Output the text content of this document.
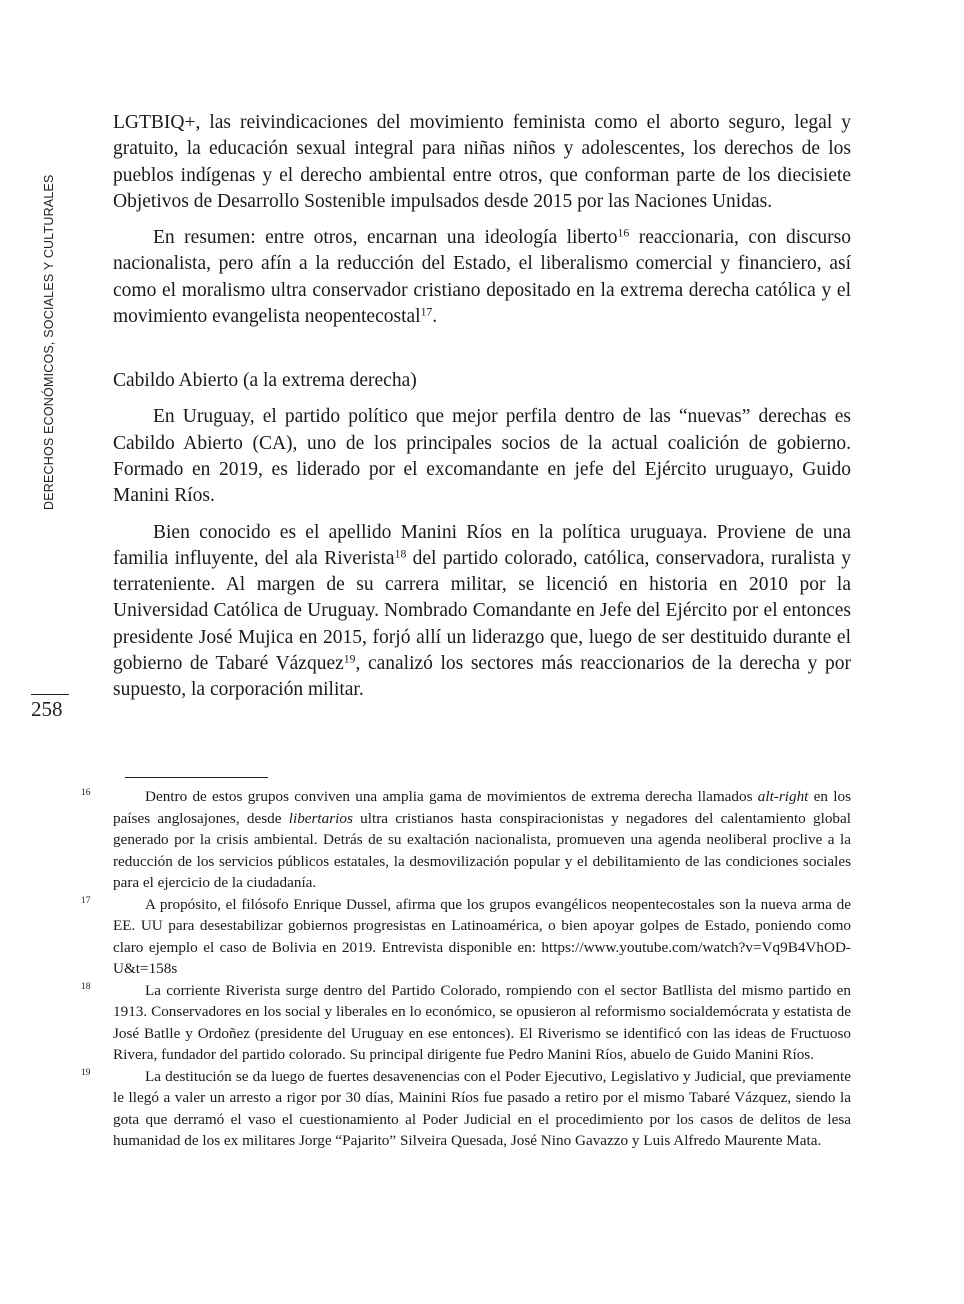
DERECHOS ECONÓMICOS, SOCIALES Y CULTURALES
258

LGTBIQ+, las reivindicaciones del movimiento feminista como el aborto seguro, legal y gratuito, la educación sexual integral para niñas niños y adolescentes, los derechos de los pueblos indígenas y el derecho ambiental entre otros, que conforman parte de los diecisiete Objetivos de Desarrollo Sostenible impulsados desde 2015 por las Naciones Unidas.

En resumen: entre otros, encarnan una ideología liberto$^{16}$ reaccionaria, con discurso nacionalista, pero afín a la reducción del Estado, el liberalismo comercial y financiero, así como el moralismo ultra conservador cristiano depositado en la extrema derecha católica y el movimiento evangelista neopentecostal$^{17}$.

Cabildo Abierto (a la extrema derecha)

En Uruguay, el partido político que mejor perfila dentro de las “nuevas” derechas es Cabildo Abierto (CA), uno de los principales socios de la actual coalición de gobierno. Formado en 2019, es liderado por el excomandante en jefe del Ejército uruguayo, Guido Manini Ríos.

Bien conocido es el apellido Manini Ríos en la política uruguaya. Proviene de una familia influyente, del ala Riverista$^{18}$ del partido colorado, católica, conservadora, ruralista y terrateniente. Al margen de su carrera militar, se licenció en historia en 2010 por la Universidad Católica de Uruguay. Nombrado Comandante en Jefe del Ejército por el entonces presidente José Mujica en 2015, forjó allí un liderazgo que, luego de ser destituido durante el gobierno de Tabaré Vázquez$^{19}$, canalizó los sectores más reaccionarios de la derecha y por supuesto, la corporación militar.

16	Dentro de estos grupos conviven una amplia gama de movimientos de extrema derecha llamados alt-right en los países anglosajones, desde libertarios ultra cristianos hasta conspiracionistas y negadores del calentamiento global generado por la crisis ambiental. Detrás de su exaltación nacionalista, promueven una agenda neoliberal proclive a la reducción de los servicios públicos estatales, la desmovilización popular y el debilitamiento de las condiciones sociales para el ejercicio de la ciudadanía.

17	A propósito, el filósofo Enrique Dussel, afirma que los grupos evangélicos neopentecostales son la nueva arma de EE. UU para desestabilizar gobiernos progresistas en Latinoamérica, o bien apoyar golpes de Estado, poniendo como claro ejemplo el caso de Bolivia en 2019. Entrevista disponible en: https://www.youtube.com/watch?v=Vq9B4VhOD-U&t=158s

18	La corriente Riverista surge dentro del Partido Colorado, rompiendo con el sector Batllista del mismo partido en 1913. Conservadores en los social y liberales en lo económico, se opusieron al reformismo socialdemócrata y estatista de José Batlle y Ordoñez (presidente del Uruguay en ese entonces). El Riverismo se identificó con las ideas de Fructuoso Rivera, fundador del partido colorado. Su principal dirigente fue Pedro Manini Ríos, abuelo de Guido Manini Ríos.

19	La destitución se da luego de fuertes desavenencias con el Poder Ejecutivo, Legislativo y Judicial, que previamente le llegó a valer un arresto a rigor por 30 días, Mainini Ríos fue pasado a retiro por el mismo Tabaré Vázquez, siendo la gota que derramó el vaso el cuestionamiento al Poder Judicial en el procedimiento por los casos de delitos de lesa humanidad de los ex militares Jorge “Pajarito” Silveira Quesada, José Nino Gavazzo y Luis Alfredo Maurente Mata.
